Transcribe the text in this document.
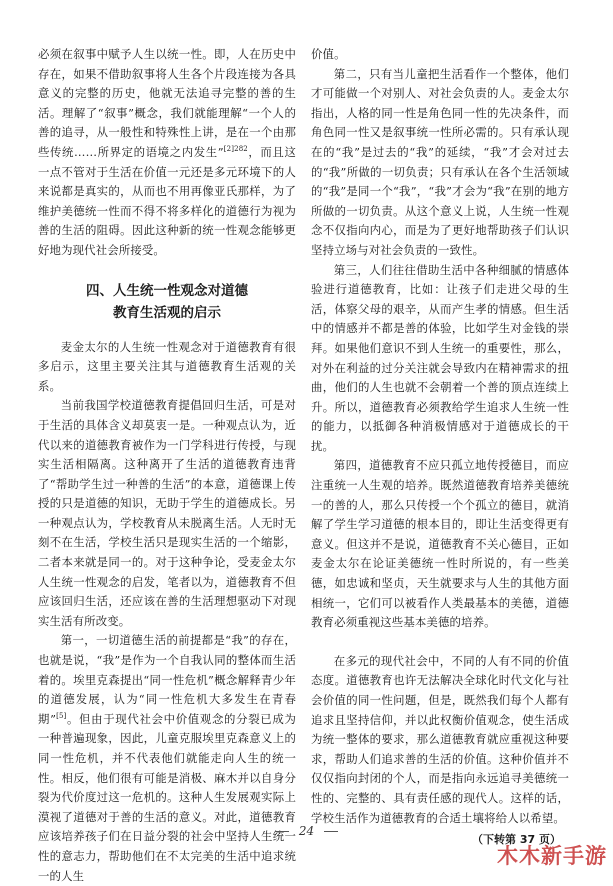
必须在叙事中赋予人生以统一性。即，人在历史中存在，如果不借助叙事将人生各个片段连接为各具意义的完整的历史，他就无法追寻完整的善的生活。理解了“叙事”概念，我们就能理解“一个人的善的追寻，从一般性和特殊性上讲，是在一个由那些传统……所界定的语境之内发生”$^{[2]282}$，而且这一点不管对于生活在价值一元还是多元环境下的人来说都是真实的，从而也不用再像亚氏那样，为了维护美德统一性而不得不将多样化的道德行为视为善的生活的阻碍。因此这种新的统一性观念能够更好地为现代社会所接受。

四、人生统一性观念对道德
教育生活观的启示

麦金太尔的人生统一性观念对于道德教育有很多启示，这里主要关注其与道德教育生活观的关系。

当前我国学校道德教育提倡回归生活，可是对于生活的具体含义却莫衷一是。一种观点认为，近代以来的道德教育被作为一门学科进行传授，与现实生活相隔离。这种离开了生活的道德教育违背了“帮助学生过一种善的生活”的本意，道德课上传授的只是道德的知识，无助于学生的道德成长。另一种观点认为，学校教育从未脱离生活。人无时无刻不在生活，学校生活只是现实生活的一个缩影，二者本来就是同一的。对于这种争论，受麦金太尔人生统一性观念的启发，笔者以为，道德教育不但应该回归生活，还应该在善的生活理想驱动下对现实生活有所改变。

第一，一切道德生活的前提都是“我”的存在，也就是说，“我”是作为一个自我认同的整体而生活着的。埃里克森提出“同一性危机”概念解释青少年的道德发展，认为“同一性危机大多发生在青春期”[5]。但由于现代社会中价值观念的分裂已成为一种普遍现象，因此，儿童克服埃里克森意义上的同一性危机，并不代表他们就能走向人生的统一性。相反，他们很有可能是消极、麻木并以自身分裂为代价度过这一危机的。这种人生发展观实际上漠视了道德对于善的生活的意义。对此，道德教育应该培养孩子们在日益分裂的社会中坚持人生统一性的意志力，帮助他们在不太完美的生活中追求统一的人生

价值。

第二，只有当儿童把生活看作一个整体，他们才可能做一个对别人、对社会负责的人。麦金太尔指出，人格的同一性是角色同一性的先决条件，而角色同一性又是叙事统一性所必需的。只有承认现在的“我”是过去的“我”的延续，“我”才会对过去的“我”所做的一切负责；只有承认在各个生活领域的“我”是同一个“我”，“我”才会为“我”在别的地方所做的一切负责。从这个意义上说，人生统一性观念不仅指向内心，而是为了更好地帮助孩子们认识坚持立场与对社会负责的一致性。

第三，人们往往借助生活中各种细腻的情感体验进行道德教育，比如：让孩子们走进父母的生活，体察父母的艰辛，从而产生孝的情感。但生活中的情感并不都是善的体验，比如学生对金钱的崇拜。如果他们意识不到人生统一的重要性，那么，对外在利益的过分关注就会导致内在精神需求的扭曲，他们的人生也就不会朝着一个善的顶点连续上升。所以，道德教育必须教给学生追求人生统一性的能力，以抵御各种消极情感对于道德成长的干扰。

第四，道德教育不应只孤立地传授德目，而应注重统一人生观的培养。既然道德教育培养美德统一的善的人，那么只传授一个个孤立的德目，就消解了学生学习道德的根本目的，即让生活变得更有意义。但这并不是说，道德教育不关心德目，正如麦金太尔在论证美德统一性时所说的，有一些美德，如忠诚和坚贞，天生就要求与人生的其他方面相统一，它们可以被看作人类最基本的美德，道德教育必须重视这些基本美德的培养。

在多元的现代社会中，不同的人有不同的价值态度。道德教育也许无法解决全球化时代文化与社会价值的同一性问题，但是，既然我们每个人都有追求且坚持信仰，并以此权衡价值观念，使生活成为统一整体的要求，那么道德教育就应重视这种要求，帮助人们追求善的生活的价值。这种价值并不仅仅指向封闭的个人，而是指向永远追寻美德统一性的、完整的、具有责任感的现代人。这样的话，学校生活作为道德教育的合适土壤将给人以希望。

（下转第 37 页）
24
木木新手游
